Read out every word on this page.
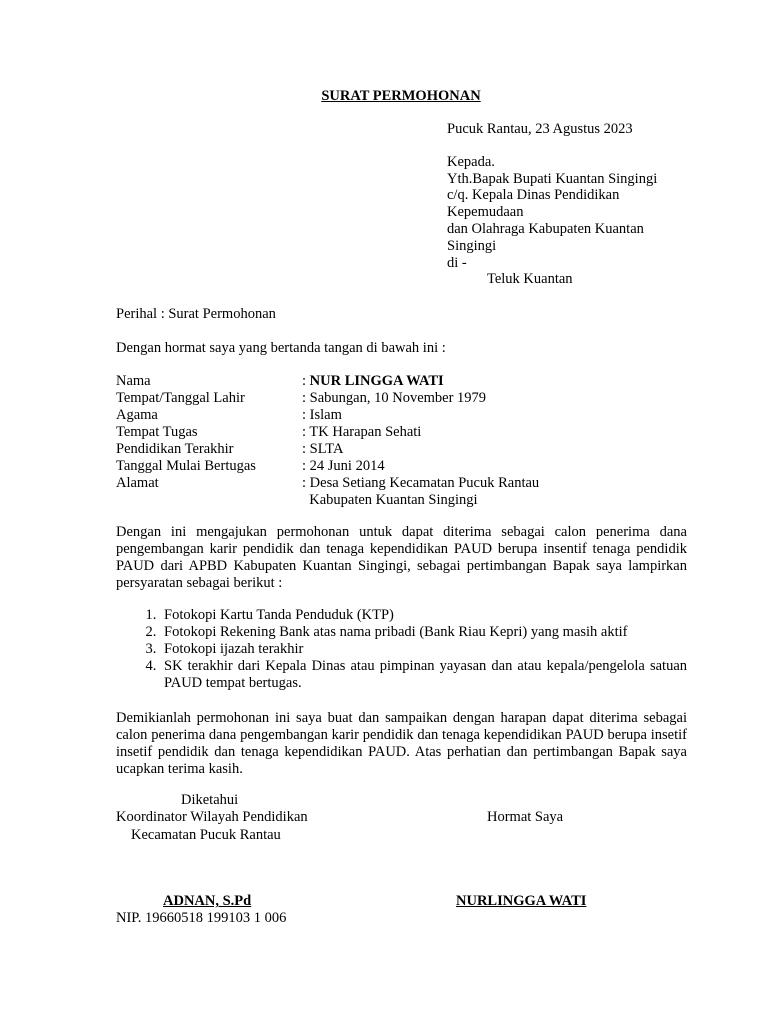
SURAT PERMOHONAN
Pucuk Rantau, 23 Agustus 2023
Kepada.
Yth.Bapak Bupati Kuantan Singingi
c/q. Kepala Dinas Pendidikan
Kepemudaan
dan Olahraga Kabupaten Kuantan
Singingi
di -
Teluk Kuantan
Perihal : Surat Permohonan
Dengan hormat saya yang bertanda tangan di bawah ini :
Nama	: NUR LINGGA WATI
Tempat/Tanggal Lahir	: Sabungan, 10 November 1979
Agama	: Islam
Tempat Tugas	: TK Harapan Sehati
Pendidikan Terakhir	: SLTA
Tanggal Mulai Bertugas	: 24 Juni 2014
Alamat	: Desa Setiang Kecamatan Pucuk Rantau
Kabupaten Kuantan Singingi
Dengan ini mengajukan permohonan untuk dapat diterima sebagai calon penerima dana pengembangan karir pendidik dan tenaga kependidikan PAUD berupa insentif tenaga pendidik PAUD dari APBD Kabupaten Kuantan Singingi, sebagai pertimbangan Bapak saya lampirkan persyaratan sebagai berikut :
1. Fotokopi Kartu Tanda Penduduk (KTP)
2. Fotokopi Rekening Bank atas nama pribadi (Bank Riau Kepri) yang masih aktif
3. Fotokopi ijazah terakhir
4. SK terakhir dari Kepala Dinas atau pimpinan yayasan dan atau kepala/pengelola satuan PAUD tempat bertugas.
Demikianlah permohonan ini saya buat dan sampaikan dengan harapan dapat diterima sebagai calon penerima dana pengembangan karir pendidik dan tenaga kependidikan PAUD berupa insetif insetif pendidik dan tenaga kependidikan PAUD. Atas perhatian dan pertimbangan Bapak saya ucapkan terima kasih.
Diketahui
Koordinator Wilayah Pendidikan
Kecamatan Pucuk Rantau
Hormat Saya
ADNAN, S.Pd
NIP. 19660518 199103 1 006
NURLINGGA WATI
